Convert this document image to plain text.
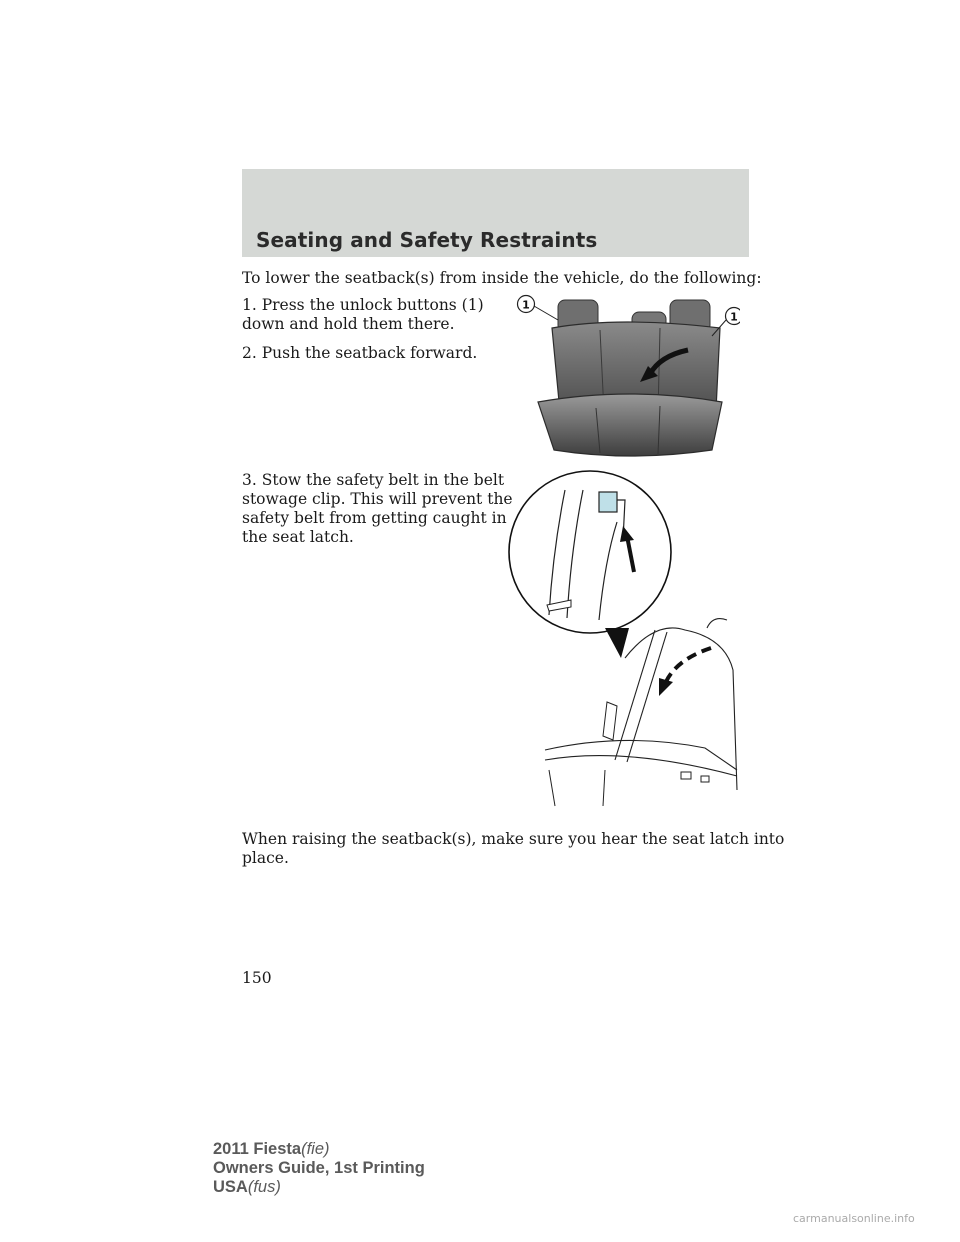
Seating and Safety Restraints

To lower the seatback(s) from inside the vehicle, do the following:

1. Press the unlock buttons (1)

down and hold them there.

2. Push the seatback forward.

3. Stow the safety belt in the belt

stowage clip. This will prevent the

safety belt from getting caught in

the seat latch.

When raising the seatback(s), make sure you hear the seat latch into

place.

1
1
150
2011 Fiesta(fie)
Owners Guide, 1st Printing
USA(fus)
carmanualsonline.info
